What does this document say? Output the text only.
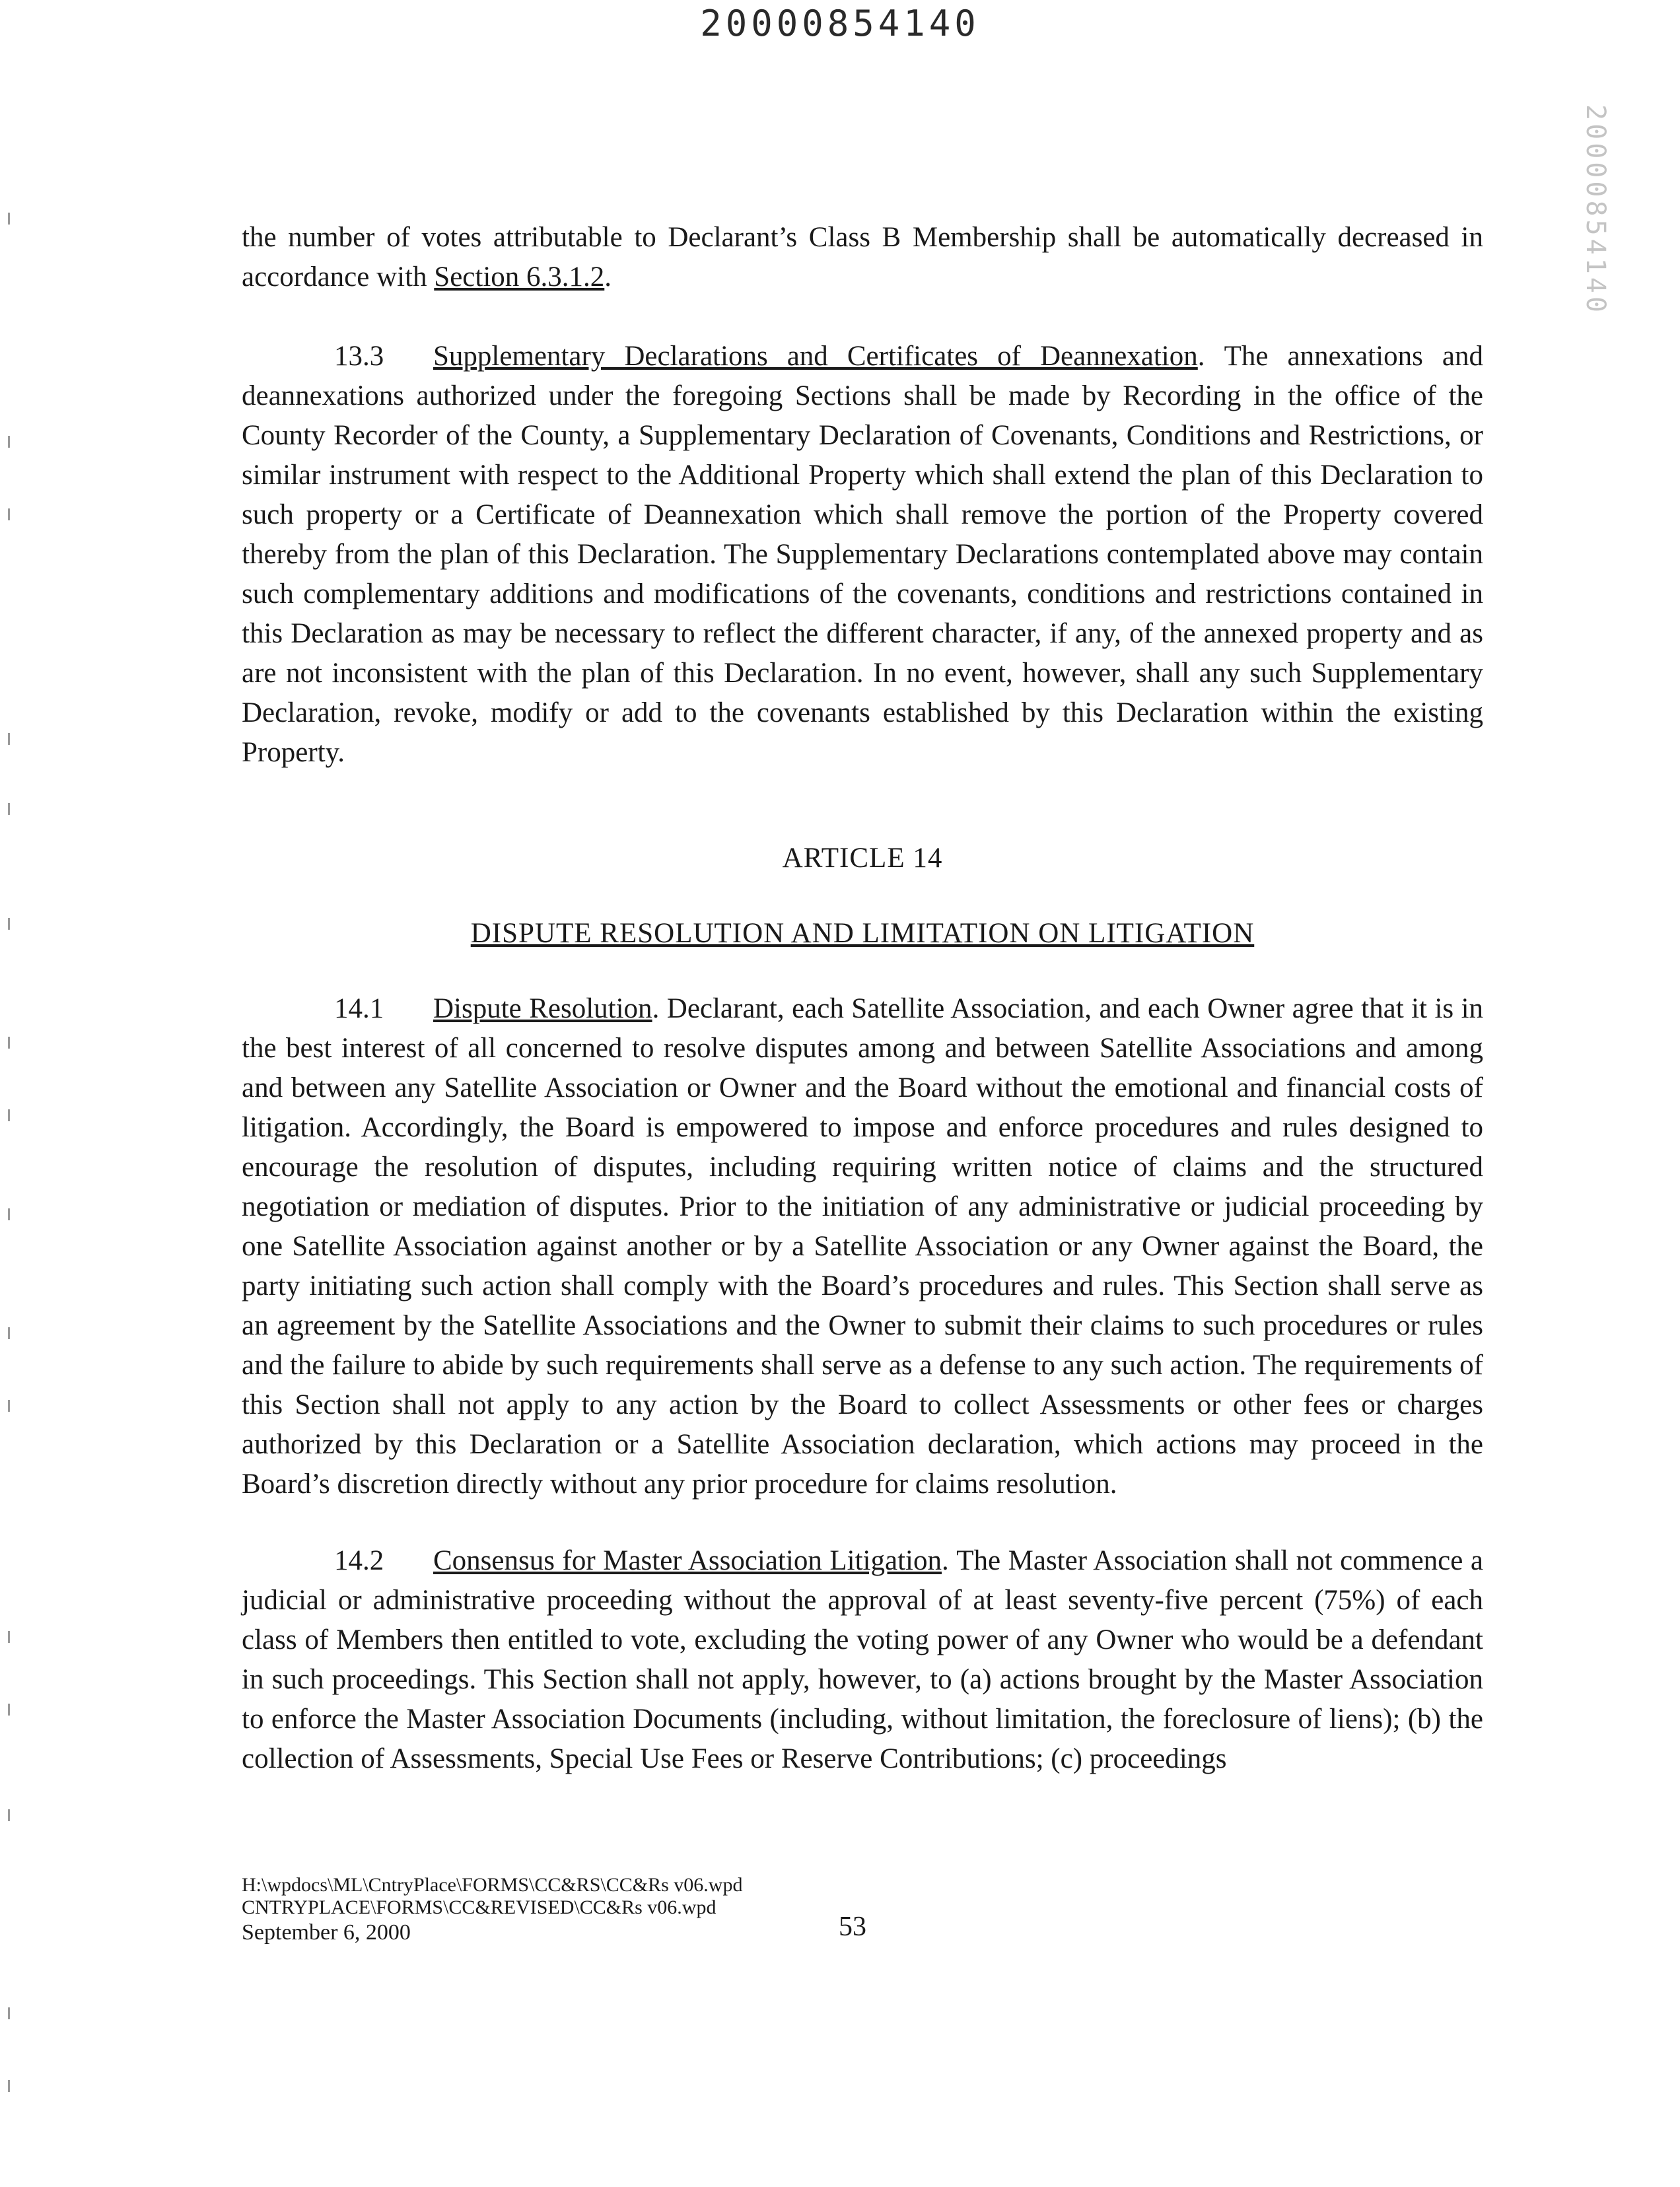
20000854140
20000854140

the number of votes attributable to Declarant’s Class B Membership shall be automatically decreased in accordance with Section 6.3.1.2.

13.3 Supplementary Declarations and Certificates of Deannexation. The annexations and deannexations authorized under the foregoing Sections shall be made by Recording in the office of the County Recorder of the County, a Supplementary Declaration of Covenants, Conditions and Restrictions, or similar instrument with respect to the Additional Property which shall extend the plan of this Declaration to such property or a Certificate of Deannexation which shall remove the portion of the Property covered thereby from the plan of this Declaration. The Supplementary Declarations contemplated above may contain such complementary additions and modifications of the covenants, conditions and restrictions contained in this Declaration as may be necessary to reflect the different character, if any, of the annexed property and as are not inconsistent with the plan of this Declaration. In no event, however, shall any such Supplementary Declaration, revoke, modify or add to the covenants established by this Declaration within the existing Property.

ARTICLE 14

DISPUTE RESOLUTION AND LIMITATION ON LITIGATION

14.1 Dispute Resolution. Declarant, each Satellite Association, and each Owner agree that it is in the best interest of all concerned to resolve disputes among and between Satellite Associations and among and between any Satellite Association or Owner and the Board without the emotional and financial costs of litigation. Accordingly, the Board is empowered to impose and enforce procedures and rules designed to encourage the resolution of disputes, including requiring written notice of claims and the structured negotiation or mediation of disputes. Prior to the initiation of any administrative or judicial proceeding by one Satellite Association against another or by a Satellite Association or any Owner against the Board, the party initiating such action shall comply with the Board’s procedures and rules. This Section shall serve as an agreement by the Satellite Associations and the Owner to submit their claims to such procedures or rules and the failure to abide by such requirements shall serve as a defense to any such action. The requirements of this Section shall not apply to any action by the Board to collect Assessments or other fees or charges authorized by this Declaration or a Satellite Association declaration, which actions may proceed in the Board’s discretion directly without any prior procedure for claims resolution.

14.2 Consensus for Master Association Litigation. The Master Association shall not commence a judicial or administrative proceeding without the approval of at least seventy-five percent (75%) of each class of Members then entitled to vote, excluding the voting power of any Owner who would be a defendant in such proceedings. This Section shall not apply, however, to (a) actions brought by the Master Association to enforce the Master Association Documents (including, without limitation, the foreclosure of liens); (b) the collection of Assessments, Special Use Fees or Reserve Contributions; (c) proceedings

H:\wpdocs\ML\CntryPlace\FORMS\CC&RS\CC&Rs v06.wpd
CNTRYPLACE\FORMS\CC&REVISED\CC&Rs v06.wpd
September 6, 2000	53
